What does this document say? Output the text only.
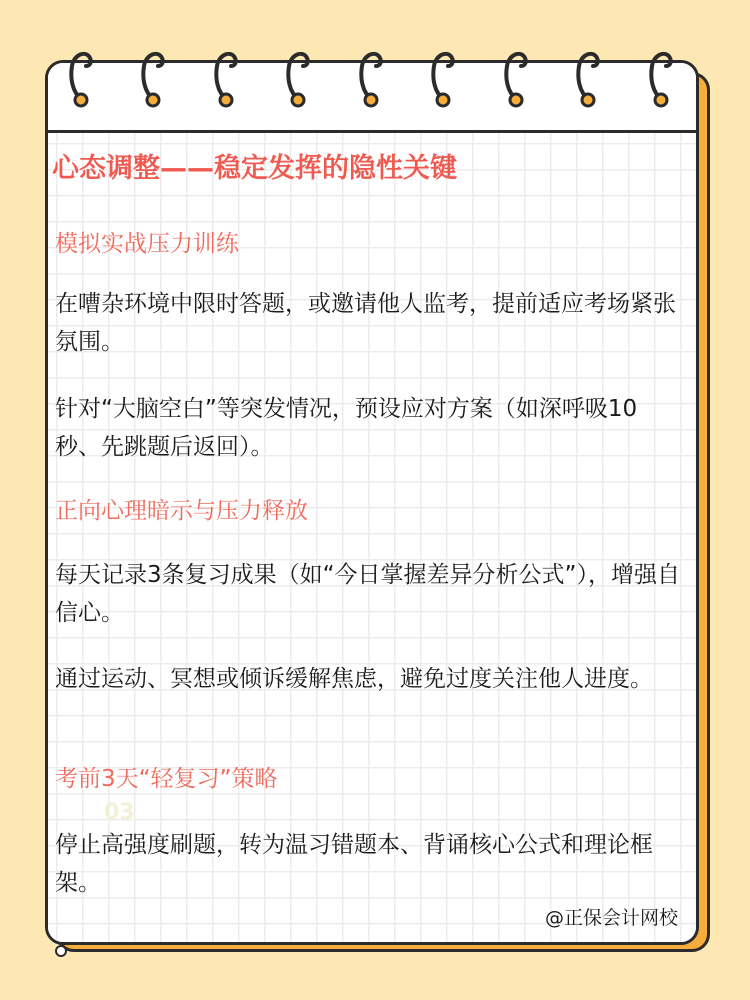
心态调整——稳定发挥的隐性关键
模拟实战压力训练
在嘈杂环境中限时答题，或邀请他人监考，提前适应考场紧张氛围。
针对“大脑空白”等突发情况，预设应对方案（如深呼吸10秒、先跳题后返回）。
正向心理暗示与压力释放
每天记录3条复习成果（如“今日掌握差异分析公式”），增强自信心。
通过运动、冥想或倾诉缓解焦虑，避免过度关注他人进度。
考前3天“轻复习”策略
03
停止高强度刷题，转为温习错题本、背诵核心公式和理论框架。
@正保会计网校
